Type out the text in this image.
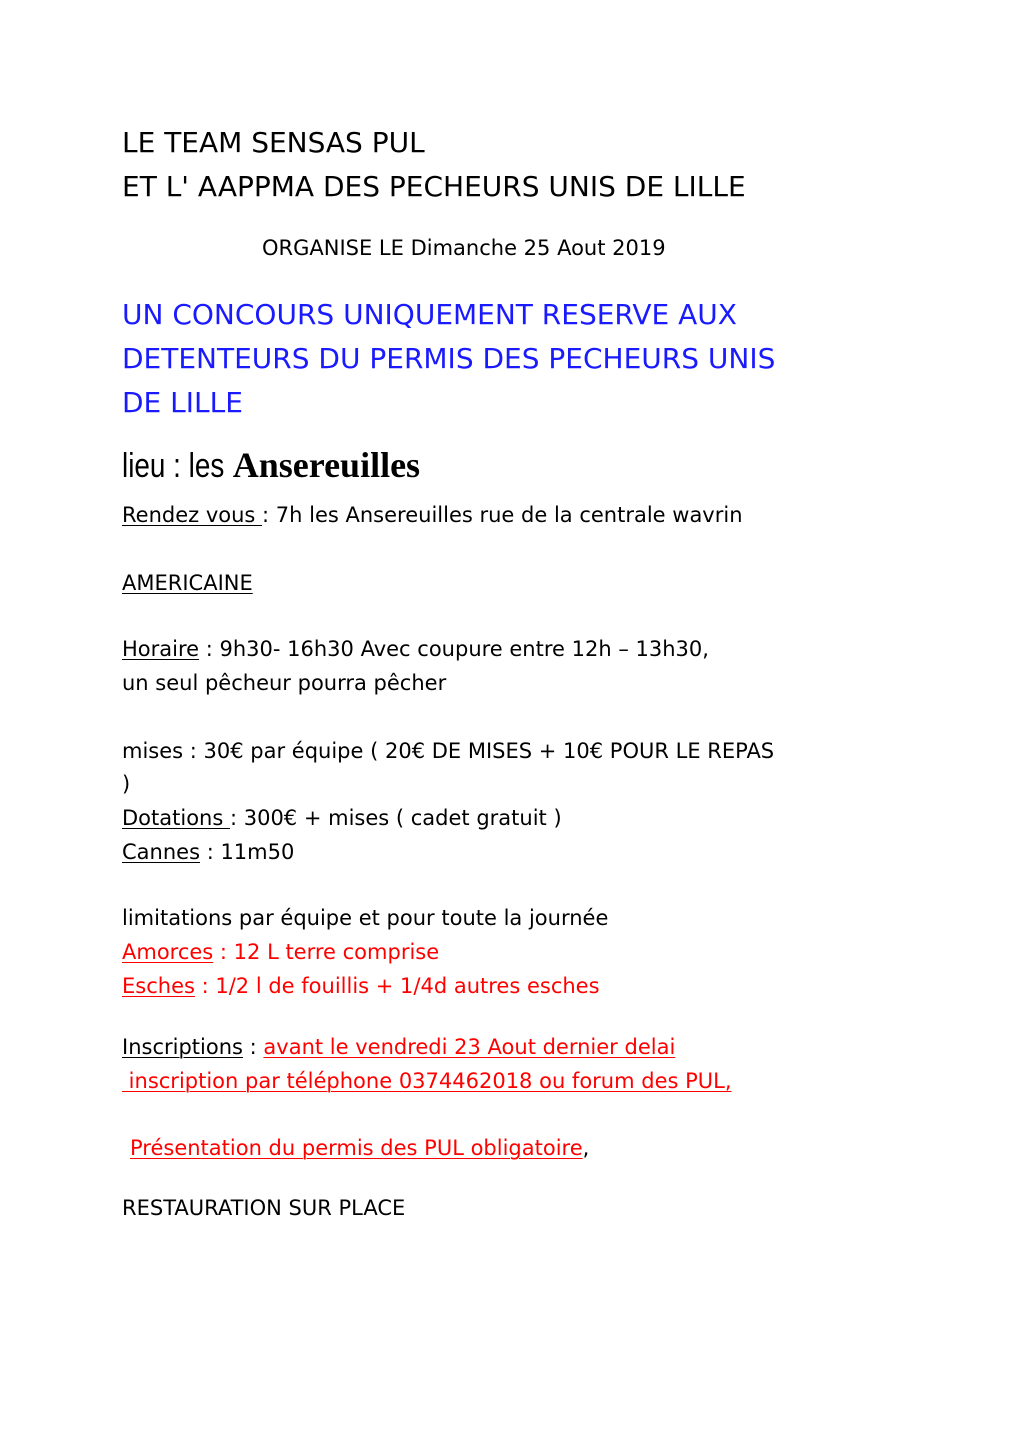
LE TEAM SENSAS PUL
ET L' AAPPMA DES PECHEURS UNIS DE LILLE
ORGANISE LE Dimanche 25 Aout 2019
UN CONCOURS UNIQUEMENT RESERVE AUX
DETENTEURS DU PERMIS DES PECHEURS UNIS
DE LILLE
lieu : les Ansereuilles
Rendez vous : 7h les Ansereuilles rue de la centrale wavrin
AMERICAINE
Horaire : 9h30- 16h30 Avec coupure entre 12h – 13h30,
un seul pêcheur pourra pêcher
mises : 30€ par équipe ( 20€ DE MISES + 10€ POUR LE REPAS
)
Dotations : 300€ + mises ( cadet gratuit )
Cannes : 11m50
limitations par équipe et pour toute la journée
Amorces : 12 L terre comprise
Esches : 1/2 l de fouillis + 1/4d autres esches
Inscriptions : avant le vendredi 23 Aout dernier delai
inscription par téléphone 0374462018 ou forum des PUL,
Présentation du permis des PUL obligatoire,
RESTAURATION SUR PLACE
